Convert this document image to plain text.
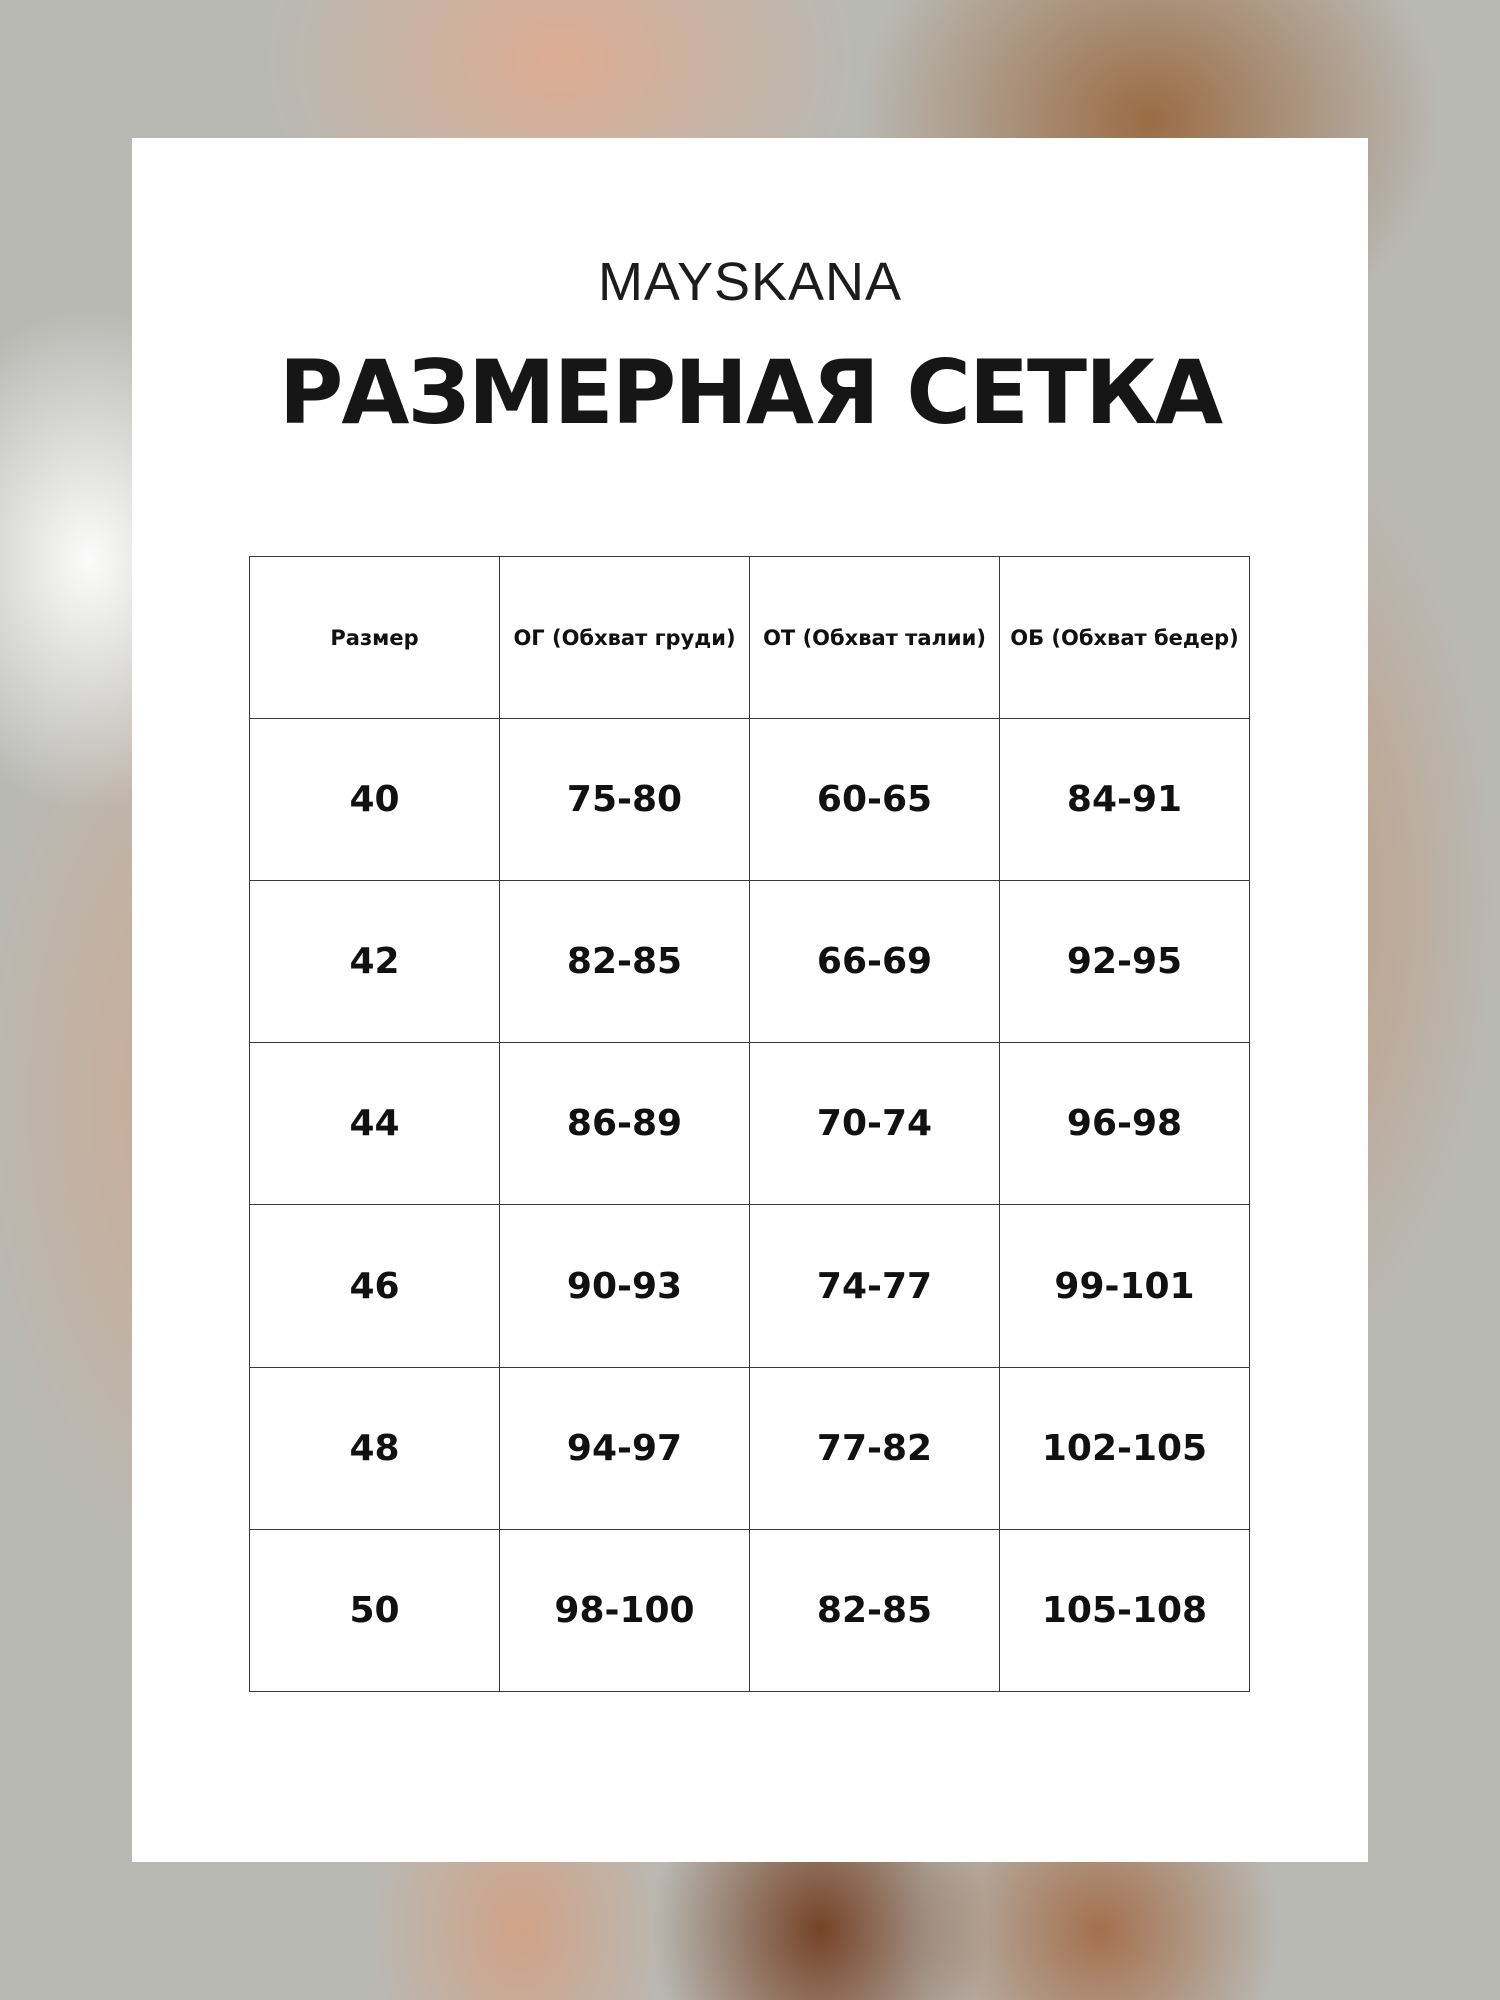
MAYSKANA
РАЗМЕРНАЯ СЕТКА
Размер	ОГ (Обхват груди)	ОТ (Обхват талии)	ОБ (Обхват бедер)
40	75-80	60-65	84-91
42	82-85	66-69	92-95
44	86-89	70-74	96-98
46	90-93	74-77	99-101
48	94-97	77-82	102-105
50	98-100	82-85	105-108
